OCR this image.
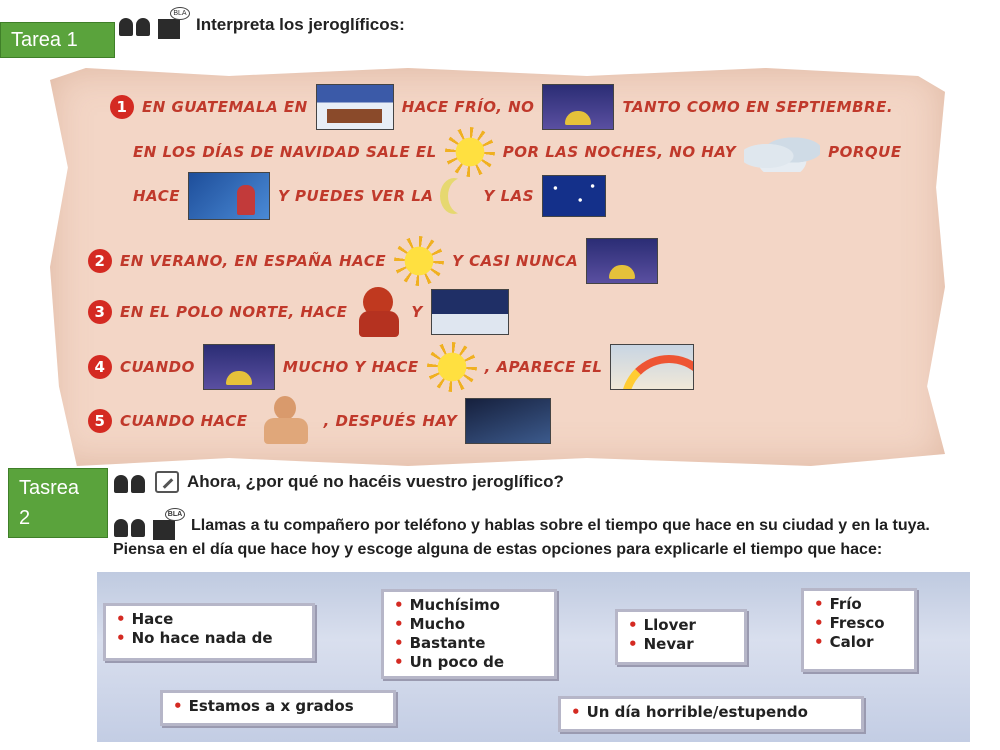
Tarea 1
Tasrea
2
BLA
Interpreta los jeroglíficos:
1 EN GUATEMALA EN	HACE FRÍO, NO	TANTO COMO EN SEPTIEMBRE.
EN LOS DÍAS DE NAVIDAD SALE EL	POR LAS NOCHES, NO HAY	PORQUE
HACE	Y PUEDES VER LA	Y LAS
2 EN VERANO, EN ESPAÑA HACE	Y CASI NUNCA
3 EN EL POLO NORTE, HACE	Y
4 CUANDO	MUCHO Y HACE	, APARECE EL
5 CUANDO HACE	, DESPUÉS HAY
Ahora, ¿por qué no hacéis vuestro jeroglífico?
BLA
Llamas a tu compañero por teléfono y hablas sobre el tiempo que hace en su ciudad y en la tuya. Piensa en el día que hace hoy y escoge alguna de estas opciones para explicarle el tiempo que hace:
• Hace
• No hace nada de
• Muchísimo
• Mucho
• Bastante
• Un poco de
• Llover
• Nevar
• Frío
• Fresco
• Calor
• Estamos a x grados	• Un día horrible/estupendo
